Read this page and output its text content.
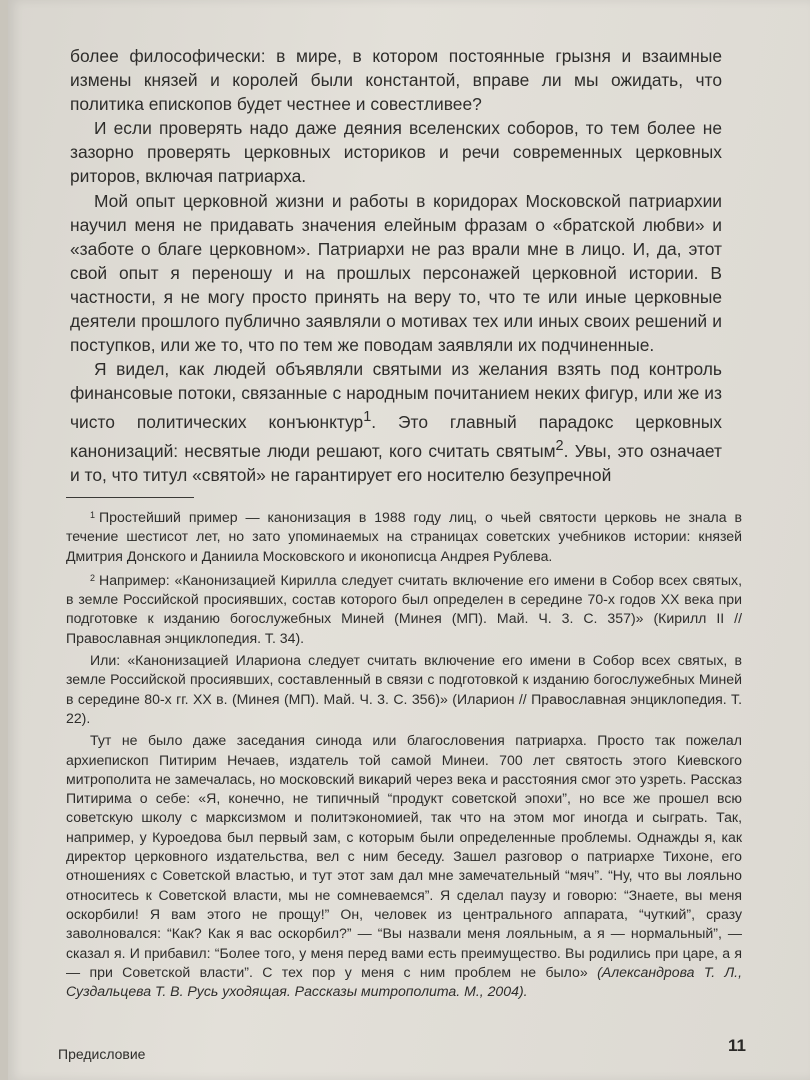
более философически: в мире, в котором постоянные грызня и взаимные измены князей и королей были константой, вправе ли мы ожидать, что политика епископов будет честнее и совестливее?

И если проверять надо даже деяния вселенских соборов, то тем более не зазорно проверять церковных историков и речи современных церковных риторов, включая патриарха.

Мой опыт церковной жизни и работы в коридорах Московской патриархии научил меня не придавать значения елейным фразам о «братской любви» и «заботе о благе церковном». Патриархи не раз врали мне в лицо. И, да, этот свой опыт я переношу и на прошлых персонажей церковной истории. В частности, я не могу просто принять на веру то, что те или иные церковные деятели прошлого публично заявляли о мотивах тех или иных своих решений и поступков, или же то, что по тем же поводам заявляли их подчиненные.

Я видел, как людей объявляли святыми из желания взять под контроль финансовые потоки, связанные с народным почитанием неких фигур, или же из чисто политических конъюнктур$^1$. Это главный парадокс церковных канонизаций: несвятые люди решают, кого считать святым$^2$. Увы, это означает и то, что титул «святой» не гарантирует его носителю безупречной

$^1$ Простейший пример — канонизация в 1988 году лиц, о чьей святости церковь не знала в течение шестисот лет, но зато упоминаемых на страницах советских учебников истории: князей Дмитрия Донского и Даниила Московского и иконописца Андрея Рублева.

$^2$ Например: «Канонизацией Кирилла следует считать включение его имени в Собор всех святых, в земле Российской просиявших, состав которого был определен в середине 70-х годов XX века при подготовке к изданию богослужебных Миней (Минея (МП). Май. Ч. 3. С. 357)» (Кирилл II // Православная энциклопедия. Т. 34).

Или: «Канонизацией Илариона следует считать включение его имени в Собор всех святых, в земле Российской просиявших, составленный в связи с подготовкой к изданию богослужебных Миней в середине 80-х гг. XX в. (Минея (МП). Май. Ч. 3. С. 356)» (Иларион // Православная энциклопедия. Т. 22).

Тут не было даже заседания синода или благословения патриарха. Просто так пожелал архиепископ Питирим Нечаев, издатель той самой Минеи. 700 лет святость этого Киевского митрополита не замечалась, но московский викарий через века и расстояния смог это узреть. Рассказ Питирима о себе: «Я, конечно, не типичный “продукт советской эпохи”, но все же прошел всю советскую школу с марксизмом и политэкономией, так что на этом мог иногда и сыграть. Так, например, у Куроедова был первый зам, с которым были определенные проблемы. Однажды я, как директор церковного издательства, вел с ним беседу. Зашел разговор о патриархе Тихоне, его отношениях с Советской властью, и тут этот зам дал мне замечательный “мяч”. “Ну, что вы лояльно относитесь к Советской власти, мы не сомневаемся”. Я сделал паузу и говорю: “Знаете, вы меня оскорбили! Я вам этого не прощу!” Он, человек из центрального аппарата, “чуткий”, сразу заволновался: “Как? Как я вас оскорбил?” — “Вы назвали меня лояльным, а я — нормальный”, — сказал я. И прибавил: “Более того, у меня перед вами есть преимущество. Вы родились при царе, а я — при Советской власти”. С тех пор у меня с ним проблем не было» (Александрова Т. Л., Суздальцева Т. В. Русь уходящая. Рассказы митрополита. М., 2004).

Предисловие	11
